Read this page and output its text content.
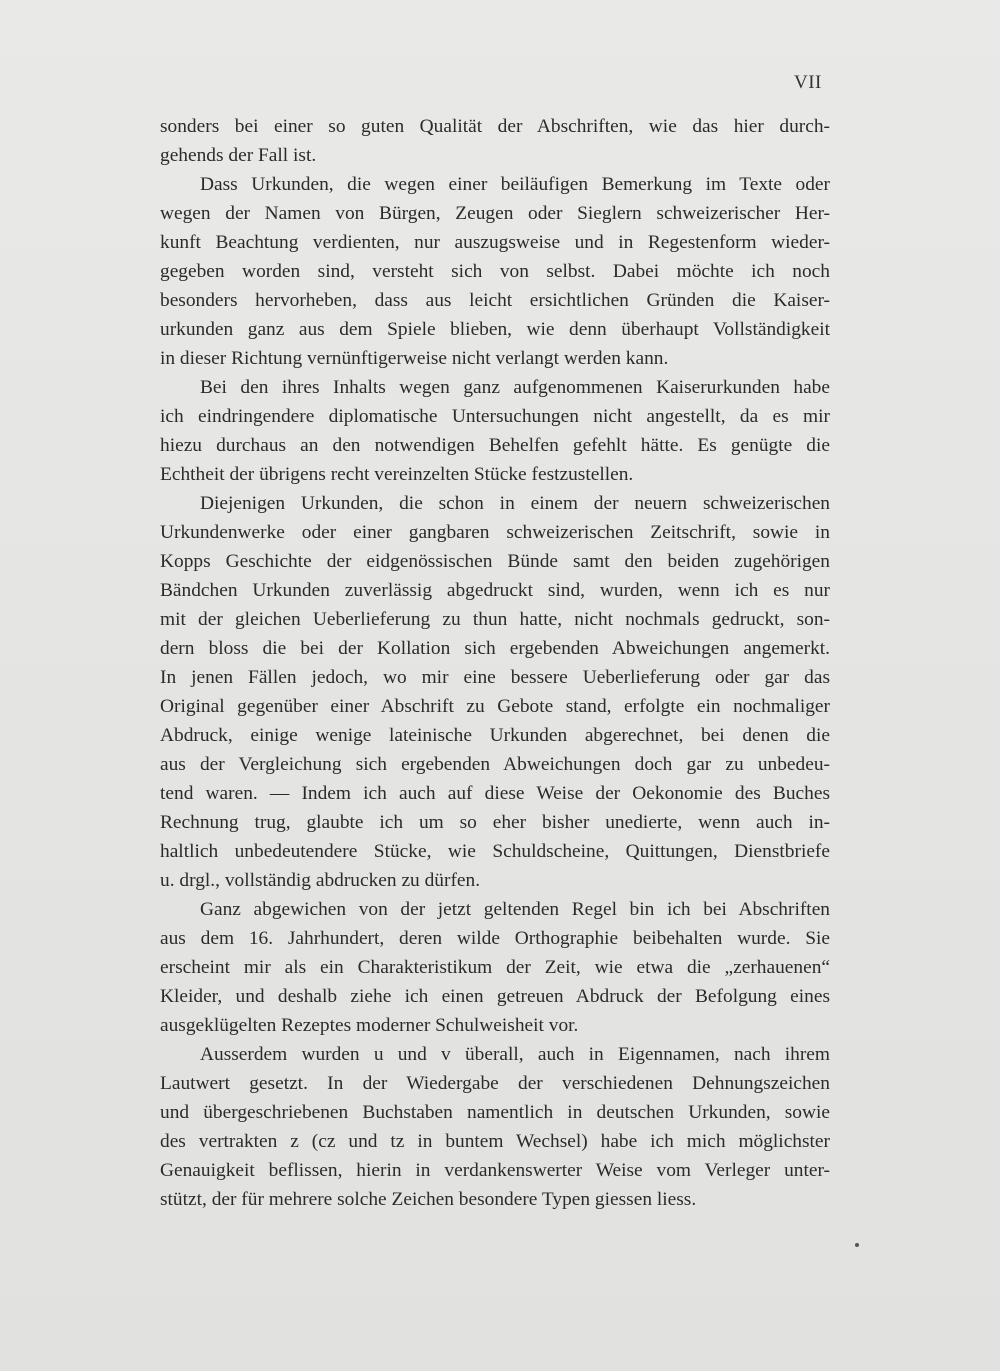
VII
sonders bei einer so guten Qualität der Abschriften, wie das hier durch-
gehends der Fall ist.
Dass Urkunden, die wegen einer beiläufigen Bemerkung im Texte oder
wegen der Namen von Bürgen, Zeugen oder Sieglern schweizerischer Her-
kunft Beachtung verdienten, nur auszugsweise und in Regestenform wieder-
gegeben worden sind, versteht sich von selbst. Dabei möchte ich noch
besonders hervorheben, dass aus leicht ersichtlichen Gründen die Kaiser-
urkunden ganz aus dem Spiele blieben, wie denn überhaupt Vollständigkeit
in dieser Richtung vernünftigerweise nicht verlangt werden kann.
Bei den ihres Inhalts wegen ganz aufgenommenen Kaiserurkunden habe
ich eindringendere diplomatische Untersuchungen nicht angestellt, da es mir
hiezu durchaus an den notwendigen Behelfen gefehlt hätte. Es genügte die
Echtheit der übrigens recht vereinzelten Stücke festzustellen.
Diejenigen Urkunden, die schon in einem der neuern schweizerischen
Urkundenwerke oder einer gangbaren schweizerischen Zeitschrift, sowie in
Kopps Geschichte der eidgenössischen Bünde samt den beiden zugehörigen
Bändchen Urkunden zuverlässig abgedruckt sind, wurden, wenn ich es nur
mit der gleichen Ueberlieferung zu thun hatte, nicht nochmals gedruckt, son-
dern bloss die bei der Kollation sich ergebenden Abweichungen angemerkt.
In jenen Fällen jedoch, wo mir eine bessere Ueberlieferung oder gar das
Original gegenüber einer Abschrift zu Gebote stand, erfolgte ein nochmaliger
Abdruck, einige wenige lateinische Urkunden abgerechnet, bei denen die
aus der Vergleichung sich ergebenden Abweichungen doch gar zu unbedeu-
tend waren. — Indem ich auch auf diese Weise der Oekonomie des Buches
Rechnung trug, glaubte ich um so eher bisher unedierte, wenn auch in-
haltlich unbedeutendere Stücke, wie Schuldscheine, Quittungen, Dienstbriefe
u. drgl., vollständig abdrucken zu dürfen.
Ganz abgewichen von der jetzt geltenden Regel bin ich bei Abschriften
aus dem 16. Jahrhundert, deren wilde Orthographie beibehalten wurde. Sie
erscheint mir als ein Charakteristikum der Zeit, wie etwa die „zerhauenen“
Kleider, und deshalb ziehe ich einen getreuen Abdruck der Befolgung eines
ausgeklügelten Rezeptes moderner Schulweisheit vor.
Ausserdem wurden u und v überall, auch in Eigennamen, nach ihrem
Lautwert gesetzt. In der Wiedergabe der verschiedenen Dehnungszeichen
und übergeschriebenen Buchstaben namentlich in deutschen Urkunden, sowie
des vertrakten z (cz und tz in buntem Wechsel) habe ich mich möglichster
Genauigkeit beflissen, hierin in verdankenswerter Weise vom Verleger unter-
stützt, der für mehrere solche Zeichen besondere Typen giessen liess.
